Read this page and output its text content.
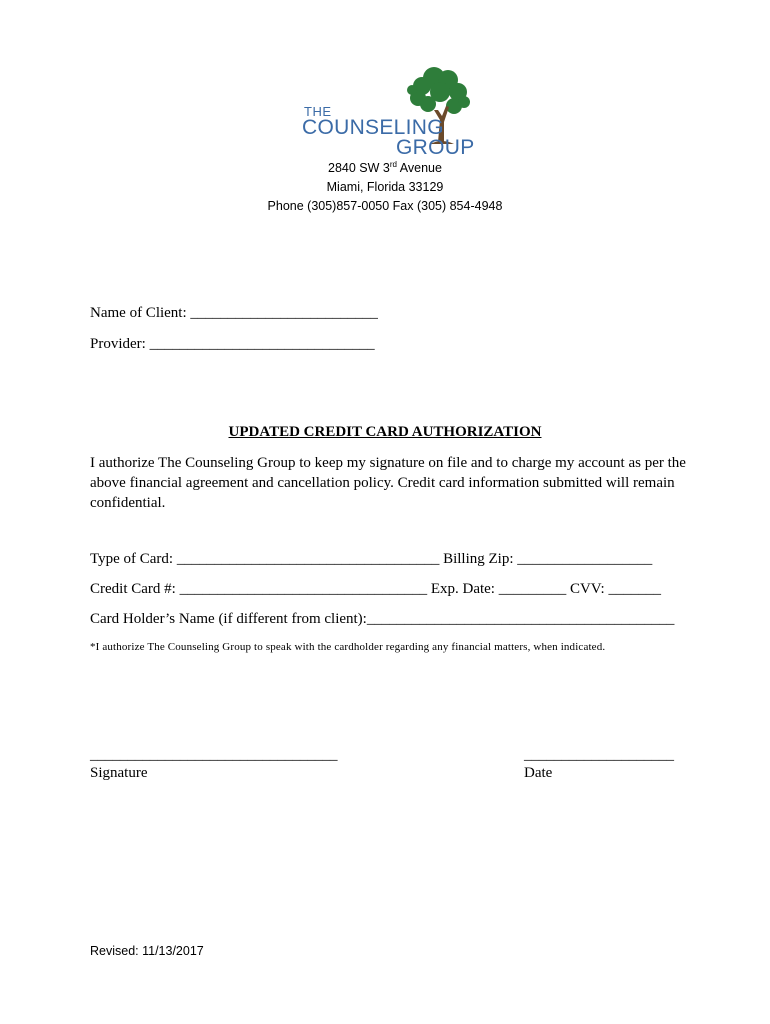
THE
COUNSELING
GROUP
2840 SW 3rd Avenue
Miami, Florida 33129
Phone (305)857-0050 Fax (305) 854-4948
Name of Client: _________________________
Provider: ______________________________
UPDATED CREDIT CARD AUTHORIZATION
I authorize The Counseling Group to keep my signature on file and to charge my account as per the above financial agreement and cancellation policy. Credit card information submitted will remain confidential.
Type of Card: ___________________________________ Billing Zip: __________________
Credit Card #: _________________________________ Exp. Date: _________ CVV: _______
Card Holder’s Name (if different from client):_________________________________________
*I authorize The Counseling Group to speak with the cardholder regarding any financial matters, when indicated.
_________________________________
Signature
____________________
Date
Revised: 11/13/2017
